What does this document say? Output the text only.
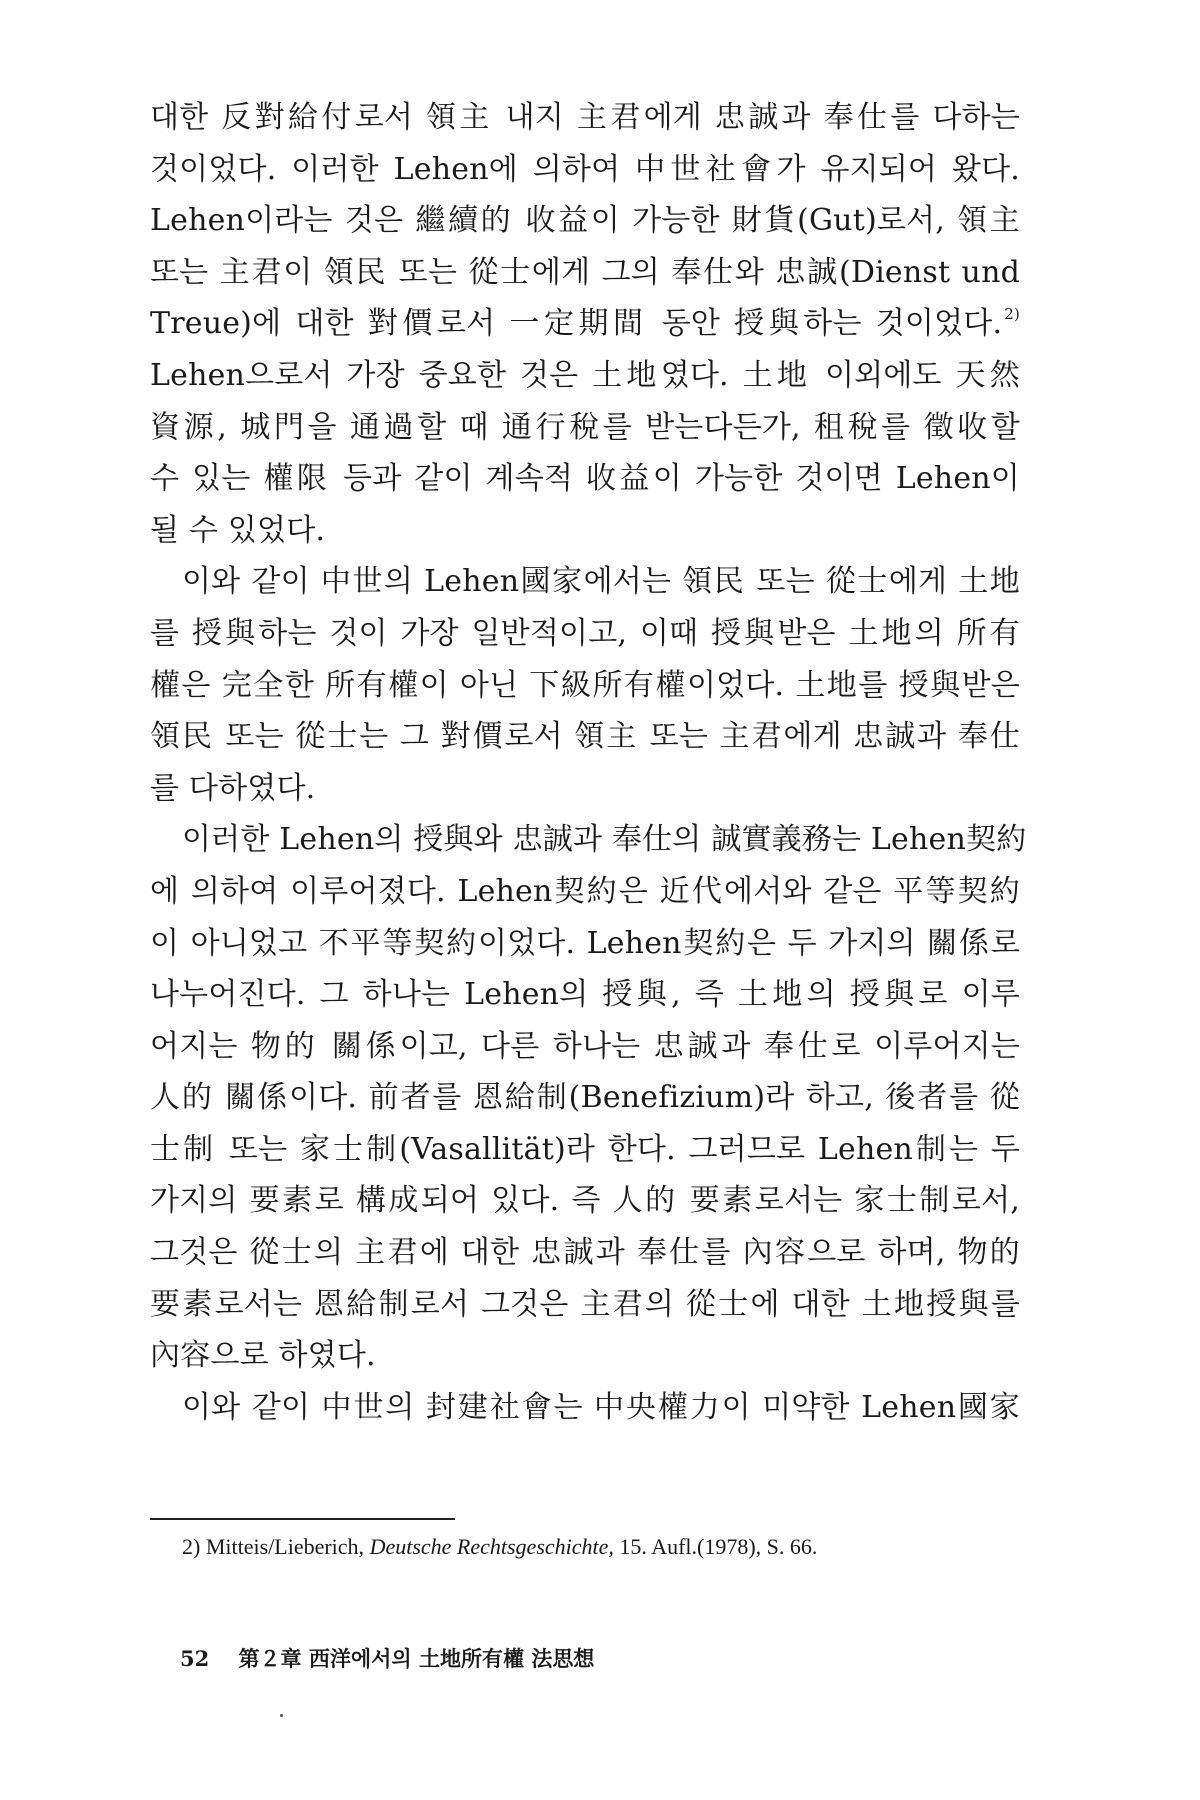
대한 反對給付로서 領主 내지 主君에게 忠誠과 奉仕를 다하는
것이었다. 이러한 Lehen에 의하여 中世社會가 유지되어 왔다.
Lehen이라는 것은 繼續的 收益이 가능한 財貨(Gut)로서, 領主
또는 主君이 領民 또는 從士에게 그의 奉仕와 忠誠(Dienst und
Treue)에 대한 對價로서 一定期間 동안 授與하는 것이었다. $^{2)}$
Lehen으로서 가장 중요한 것은 土地였다. 土地 이외에도 天然
資源, 城門을 通過할 때 通行稅를 받는다든가, 租稅를 徵收할
수 있는 權限 등과 같이 계속적 收益이 가능한 것이면 Lehen이
될 수 있었다.
이와 같이 中世의 Lehen國家에서는 領民 또는 從士에게 土地
를 授與하는 것이 가장 일반적이고, 이때 授與받은 土地의 所有
權은 完全한 所有權이 아닌 下級所有權이었다. 土地를 授與받은
領民 또는 從士는 그 對價로서 領主 또는 主君에게 忠誠과 奉仕
를 다하였다.
이러한 Lehen의 授與와 忠誠과 奉仕의 誠實義務는 Lehen契約
에 의하여 이루어졌다. Lehen契約은 近代에서와 같은 平等契約
이 아니었고 不平等契約이었다. Lehen契約은 두 가지의 關係로
나누어진다. 그 하나는 Lehen의 授與, 즉 土地의 授與로 이루
어지는 物的 關係이고, 다른 하나는 忠誠과 奉仕로 이루어지는
人的 關係이다. 前者를 恩給制(Benefizium)라 하고, 後者를 從
士制 또는 家士制(Vasallität)라 한다. 그러므로 Lehen制는 두
가지의 要素로 構成되어 있다. 즉 人的 要素로서는 家士制로서,
그것은 從士의 主君에 대한 忠誠과 奉仕를 內容으로 하며, 物的
要素로서는 恩給制로서 그것은 主君의 從士에 대한 土地授與를
內容으로 하였다.
이와 같이 中世의 封建社會는 中央權力이 미약한 Lehen國家
2) Mitteis/Lieberich, Deutsche Rechtsgeschichte, 15. Aufl.(1978), S. 66.
52 第２章 西洋에서의 土地所有權 法思想
